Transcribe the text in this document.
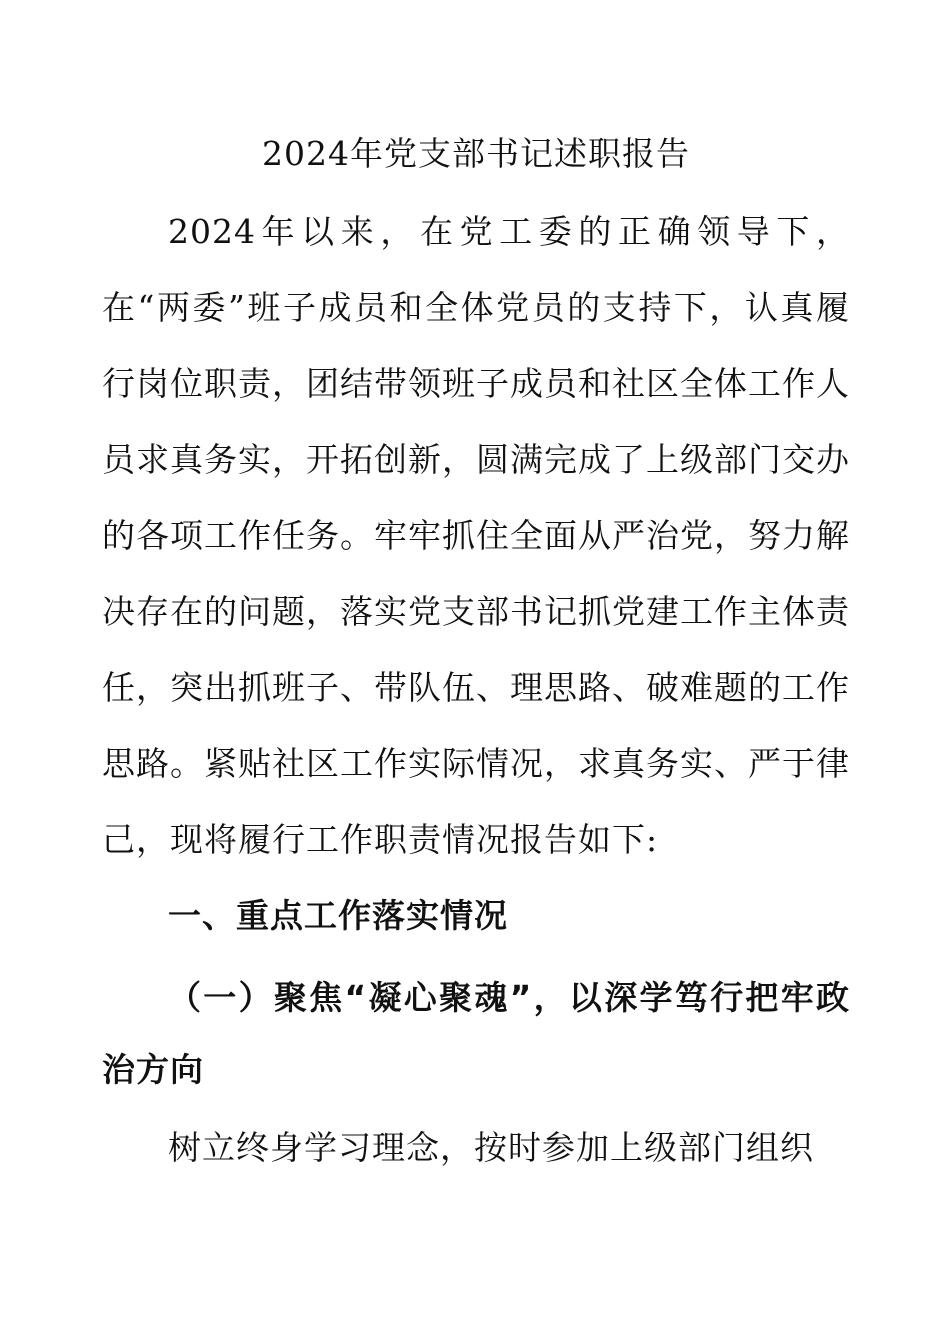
2024年党支部书记述职报告

2024年以来，在党工委的正确领导下，在“两委”班子成员和全体党员的支持下，认真履行岗位职责，团结带领班子成员和社区全体工作人员求真务实，开拓创新，圆满完成了上级部门交办的各项工作任务。牢牢抓住全面从严治党，努力解决存在的问题，落实党支部书记抓党建工作主体责任，突出抓班子、带队伍、理思路、破难题的工作思路。紧贴社区工作实际情况，求真务实、严于律己，现将履行工作职责情况报告如下:

一、重点工作落实情况
（一）聚焦“凝心聚魂”，以深学笃行把牢政治方向

树立终身学习理念，按时参加上级部门组织
